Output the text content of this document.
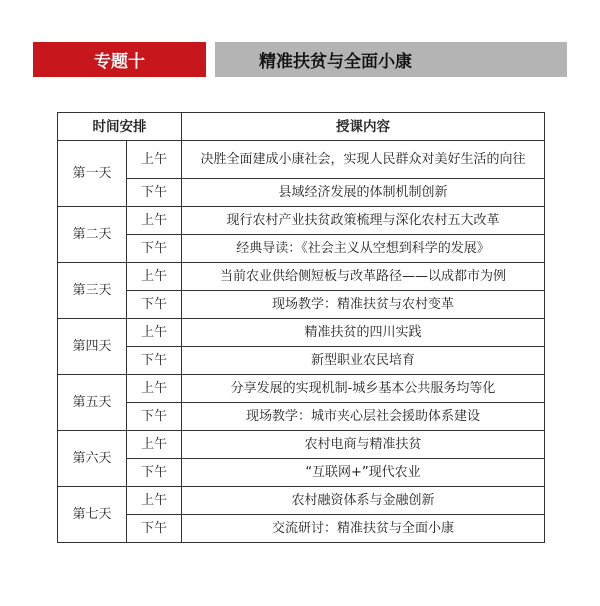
专题十	精准扶贫与全面小康
时间安排		授课内容
第一天	上午	决胜全面建成小康社会，实现人民群众对美好生活的向往
	下午	县域经济发展的体制机制创新
第二天	上午	现行农村产业扶贫政策梳理与深化农村五大改革
	下午	经典导读：《社会主义从空想到科学的发展》
第三天	上午	当前农业供给侧短板与改革路径——以成都市为例
	下午	现场教学：精准扶贫与农村变革
第四天	上午	精准扶贫的四川实践
	下午	新型职业农民培育
第五天	上午	分享发展的实现机制-城乡基本公共服务均等化
	下午	现场教学：城市夹心层社会援助体系建设
第六天	上午	农村电商与精准扶贫
	下午	“互联网+”现代农业
第七天	上午	农村融资体系与金融创新
	下午	交流研讨：精准扶贫与全面小康
